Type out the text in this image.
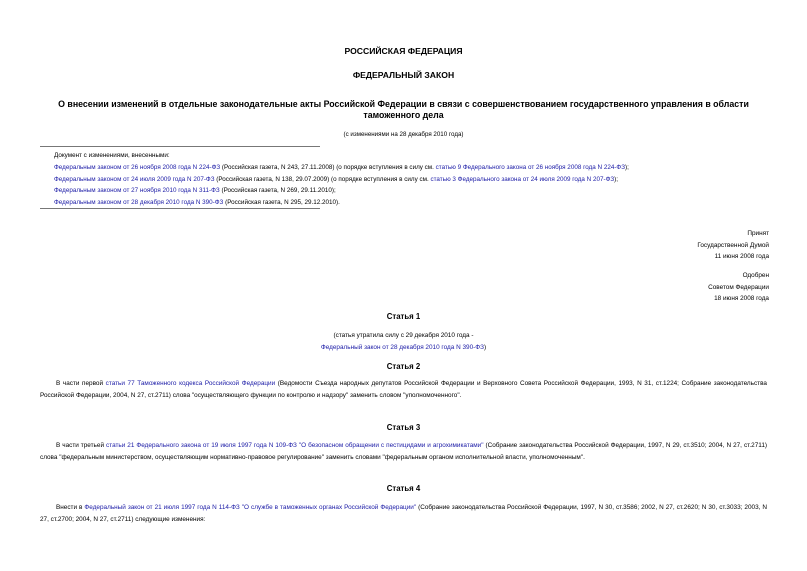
РОССИЙСКАЯ ФЕДЕРАЦИЯ
ФЕДЕРАЛЬНЫЙ ЗАКОН
О внесении изменений в отдельные законодательные акты Российской Федерации в связи с совершенствованием государственного управления в области таможенного дела
(с изменениями на 28 декабря 2010 года)
Документ с изменениями, внесенными:
Федеральным законом от 26 ноября 2008 года N 224-ФЗ (Российская газета, N 243, 27.11.2008) (о порядке вступления в силу см. статью 9 Федерального закона от 26 ноября 2008 года N 224-ФЗ);
Федеральным законом от 24 июля 2009 года N 207-ФЗ (Российская газета, N 138, 29.07.2009) (о порядке вступления в силу см. статью 3 Федерального закона от 24 июля 2009 года N 207-ФЗ);
Федеральным законом от 27 ноября 2010 года N 311-ФЗ (Российская газета, N 269, 29.11.2010);
Федеральным законом от 28 декабря 2010 года N 390-ФЗ (Российская газета, N 295, 29.12.2010).
Принят
Государственной Думой
11 июня 2008 года
Одобрен
Советом Федерации
18 июня 2008 года
Статья 1
(статья утратила силу с 29 декабря 2010 года -
Федеральный закон от 28 декабря 2010 года N 390-ФЗ)
Статья 2
В части первой статьи 77 Таможенного кодекса Российской Федерации (Ведомости Съезда народных депутатов Российской Федерации и Верховного Совета Российской Федерации, 1993, N 31, ст.1224; Собрание законодательства Российской Федерации, 2004, N 27, ст.2711) слова "осуществляющего функции по контролю и надзору" заменить словом "уполномоченного".
Статья 3
В части третьей статьи 21 Федерального закона от 19 июля 1997 года N 109-ФЗ "О безопасном обращении с пестицидами и агрохимикатами" (Собрание законодательства Российской Федерации, 1997, N 29, ст.3510; 2004, N 27, ст.2711) слова "федеральным министерством, осуществляющим нормативно-правовое регулирование" заменить словами "федеральным органом исполнительной власти, уполномоченным".
Статья 4
Внести в Федеральный закон от 21 июля 1997 года N 114-ФЗ "О службе в таможенных органах Российской Федерации" (Собрание законодательства Российской Федерации, 1997, N 30, ст.3586; 2002, N 27, ст.2620; N 30, ст.3033; 2003, N 27, ст.2700; 2004, N 27, ст.2711) следующие изменения:
